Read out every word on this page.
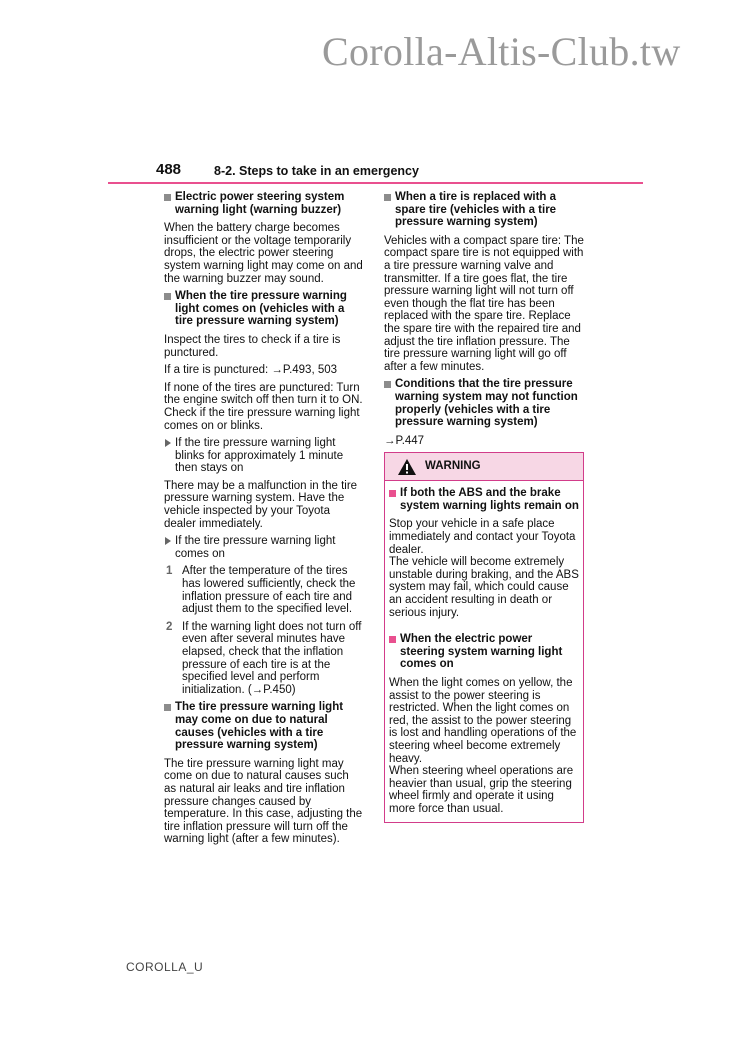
Corolla-Altis-Club.tw
488	8-2. Steps to take in an emergency
Electric power steering system warning light (warning buzzer)

When the battery charge becomes insufficient or the voltage temporarily drops, the electric power steering system warning light may come on and the warning buzzer may sound.

When the tire pressure warning light comes on (vehicles with a tire pressure warning system)

Inspect the tires to check if a tire is punctured.

If a tire is punctured: →P.493, 503

If none of the tires are punctured: Turn the engine switch off then turn it to ON. Check if the tire pressure warning light comes on or blinks.

If the tire pressure warning light blinks for approximately 1 minute then stays on

There may be a malfunction in the tire pressure warning system. Have the vehicle inspected by your Toyota dealer immediately.

If the tire pressure warning light comes on
1 After the temperature of the tires has lowered sufficiently, check the inflation pressure of each tire and adjust them to the specified level.
2 If the warning light does not turn off even after several minutes have elapsed, check that the inflation pressure of each tire is at the specified level and perform initialization. (→P.450)
The tire pressure warning light may come on due to natural causes (vehicles with a tire pressure warning system)

The tire pressure warning light may come on due to natural causes such as natural air leaks and tire inflation pressure changes caused by temperature. In this case, adjusting the tire inflation pressure will turn off the warning light (after a few minutes).

When a tire is replaced with a spare tire (vehicles with a tire pressure warning system)

Vehicles with a compact spare tire: The compact spare tire is not equipped with a tire pressure warning valve and transmitter. If a tire goes flat, the tire pressure warning light will not turn off even though the flat tire has been replaced with the spare tire. Replace the spare tire with the repaired tire and adjust the tire inflation pressure. The tire pressure warning light will go off after a few minutes.

Conditions that the tire pressure warning system may not function properly (vehicles with a tire pressure warning system)

→P.447

WARNING
If both the ABS and the brake system warning lights remain on

Stop your vehicle in a safe place immediately and contact your Toyota dealer.

The vehicle will become extremely unstable during braking, and the ABS system may fail, which could cause an accident resulting in death or serious injury.

When the electric power steering system warning light comes on

When the light comes on yellow, the assist to the power steering is restricted. When the light comes on red, the assist to the power steering is lost and handling operations of the steering wheel become extremely heavy.

When steering wheel operations are heavier than usual, grip the steering wheel firmly and operate it using more force than usual.

COROLLA_U
